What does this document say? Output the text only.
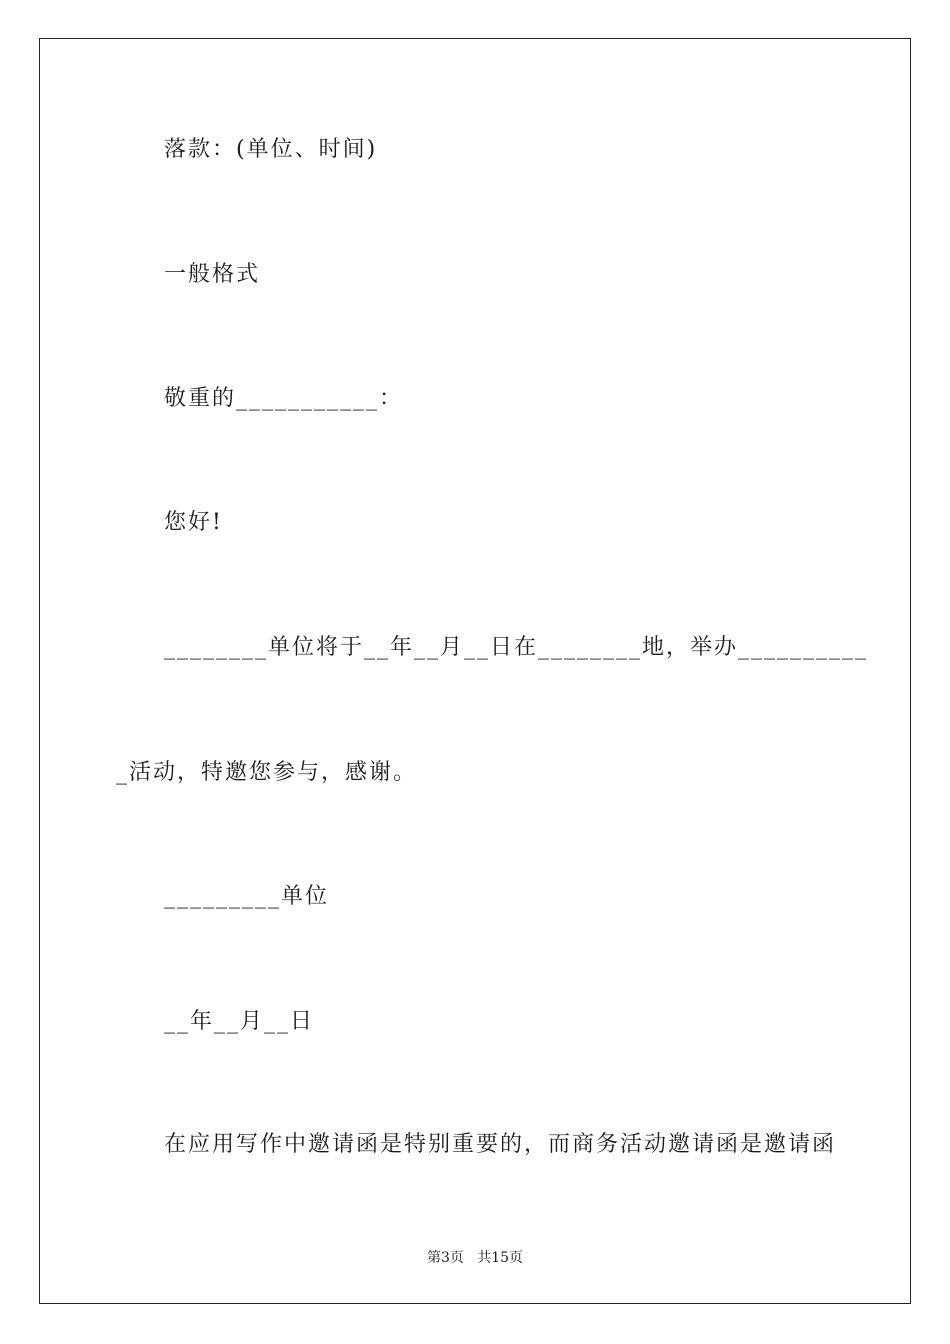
落款：(单位、时间)
一般格式
敬重的___________：
您好!
________单位将于__年__月__日在________地，举办__________
_活动，特邀您参与，感谢。
_________单位
__年__月__日
在应用写作中邀请函是特别重要的，而商务活动邀请函是邀请函
第3页   共15页
